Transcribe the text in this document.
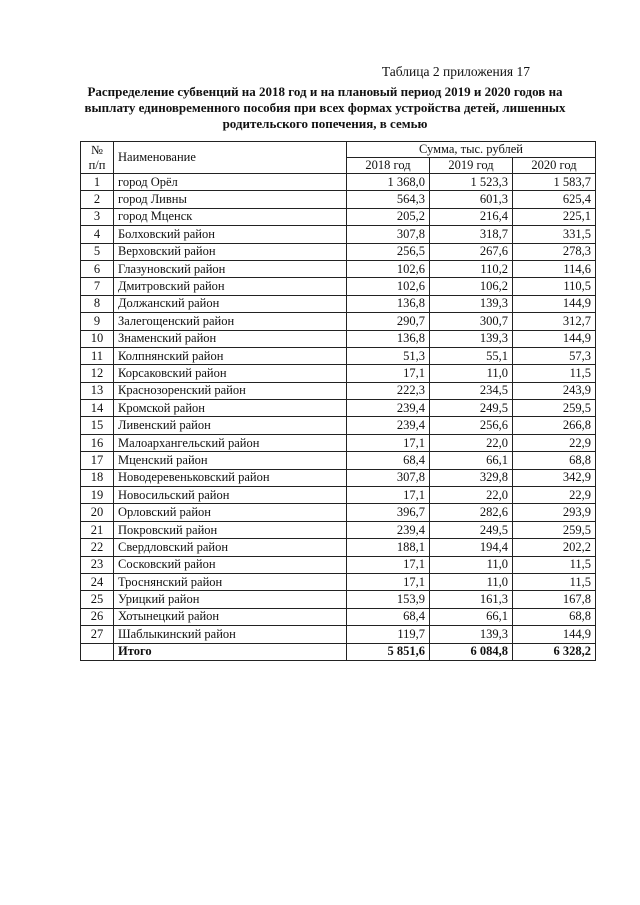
Таблица 2 приложения 17
Распределение субвенций на 2018 год и на плановый период 2019 и 2020 годов на выплату единовременного пособия при всех формах устройства детей, лишенных родительского попечения, в семью
№ п/п	Наименование	Сумма, тыс. рублей		
		2018 год	2019 год	2020 год
1	город Орёл	1 368,0	1 523,3	1 583,7
2	город Ливны	564,3	601,3	625,4
3	город Мценск	205,2	216,4	225,1
4	Болховский район	307,8	318,7	331,5
5	Верховский район	256,5	267,6	278,3
6	Глазуновский район	102,6	110,2	114,6
7	Дмитровский район	102,6	106,2	110,5
8	Должанский район	136,8	139,3	144,9
9	Залегощенский район	290,7	300,7	312,7
10	Знаменский район	136,8	139,3	144,9
11	Колпнянский район	51,3	55,1	57,3
12	Корсаковский район	17,1	11,0	11,5
13	Краснозоренский район	222,3	234,5	243,9
14	Кромской район	239,4	249,5	259,5
15	Ливенский район	239,4	256,6	266,8
16	Малоархангельский район	17,1	22,0	22,9
17	Мценский район	68,4	66,1	68,8
18	Новодеревеньковский район	307,8	329,8	342,9
19	Новосильский район	17,1	22,0	22,9
20	Орловский район	396,7	282,6	293,9
21	Покровский район	239,4	249,5	259,5
22	Свердловский район	188,1	194,4	202,2
23	Сосковский район	17,1	11,0	11,5
24	Троснянский район	17,1	11,0	11,5
25	Урицкий район	153,9	161,3	167,8
26	Хотынецкий район	68,4	66,1	68,8
27	Шаблыкинский район	119,7	139,3	144,9
	Итого	5 851,6	6 084,8	6 328,2
